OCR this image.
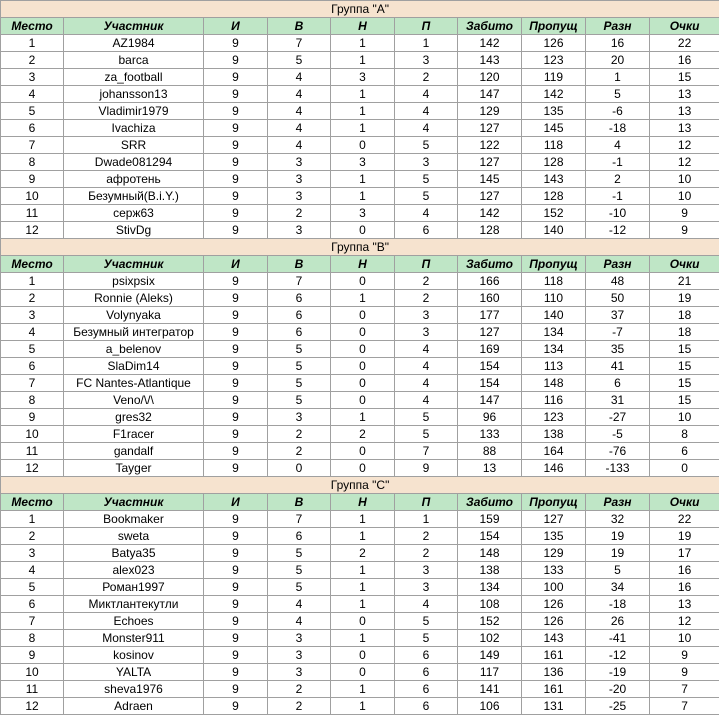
Группа "А"									
Место	Участник	И	В	Н	П	Забито	Пропущ	Разн	Очки
1	AZ1984	9	7	1	1	142	126	16	22
2	barca	9	5	1	3	143	123	20	16
3	za_football	9	4	3	2	120	119	1	15
4	johansson13	9	4	1	4	147	142	5	13
5	Vladimir1979	9	4	1	4	129	135	-6	13
6	Ivachiza	9	4	1	4	127	145	-18	13
7	SRR	9	4	0	5	122	118	4	12
8	Dwade081294	9	3	3	3	127	128	-1	12
9	афротень	9	3	1	5	145	143	2	10
10	Безумный(B.i.Y.)	9	3	1	5	127	128	-1	10
11	серж63	9	2	3	4	142	152	-10	9
12	StivDg	9	3	0	6	128	140	-12	9
Группа "В"									
Место	Участник	И	В	Н	П	Забито	Пропущ	Разн	Очки
1	psixpsix	9	7	0	2	166	118	48	21
2	Ronnie (Aleks)	9	6	1	2	160	110	50	19
3	Volynyaka	9	6	0	3	177	140	37	18
4	Безумный интегратор	9	6	0	3	127	134	-7	18
5	a_belenov	9	5	0	4	169	134	35	15
6	SlaDim14	9	5	0	4	154	113	41	15
7	FC Nantes-Atlantique	9	5	0	4	154	148	6	15
8	Veno/\/\	9	5	0	4	147	116	31	15
9	gres32	9	3	1	5	96	123	-27	10
10	F1racer	9	2	2	5	133	138	-5	8
11	gandalf	9	2	0	7	88	164	-76	6
12	Tayger	9	0	0	9	13	146	-133	0
Группа "С"									
Место	Участник	И	В	Н	П	Забито	Пропущ	Разн	Очки
1	Bookmaker	9	7	1	1	159	127	32	22
2	sweta	9	6	1	2	154	135	19	19
3	Batya35	9	5	2	2	148	129	19	17
4	alex023	9	5	1	3	138	133	5	16
5	Роман1997	9	5	1	3	134	100	34	16
6	Миктлантекутли	9	4	1	4	108	126	-18	13
7	Echoes	9	4	0	5	152	126	26	12
8	Monster911	9	3	1	5	102	143	-41	10
9	kosinov	9	3	0	6	149	161	-12	9
10	YALTA	9	3	0	6	117	136	-19	9
11	sheva1976	9	2	1	6	141	161	-20	7
12	Adraen	9	2	1	6	106	131	-25	7
